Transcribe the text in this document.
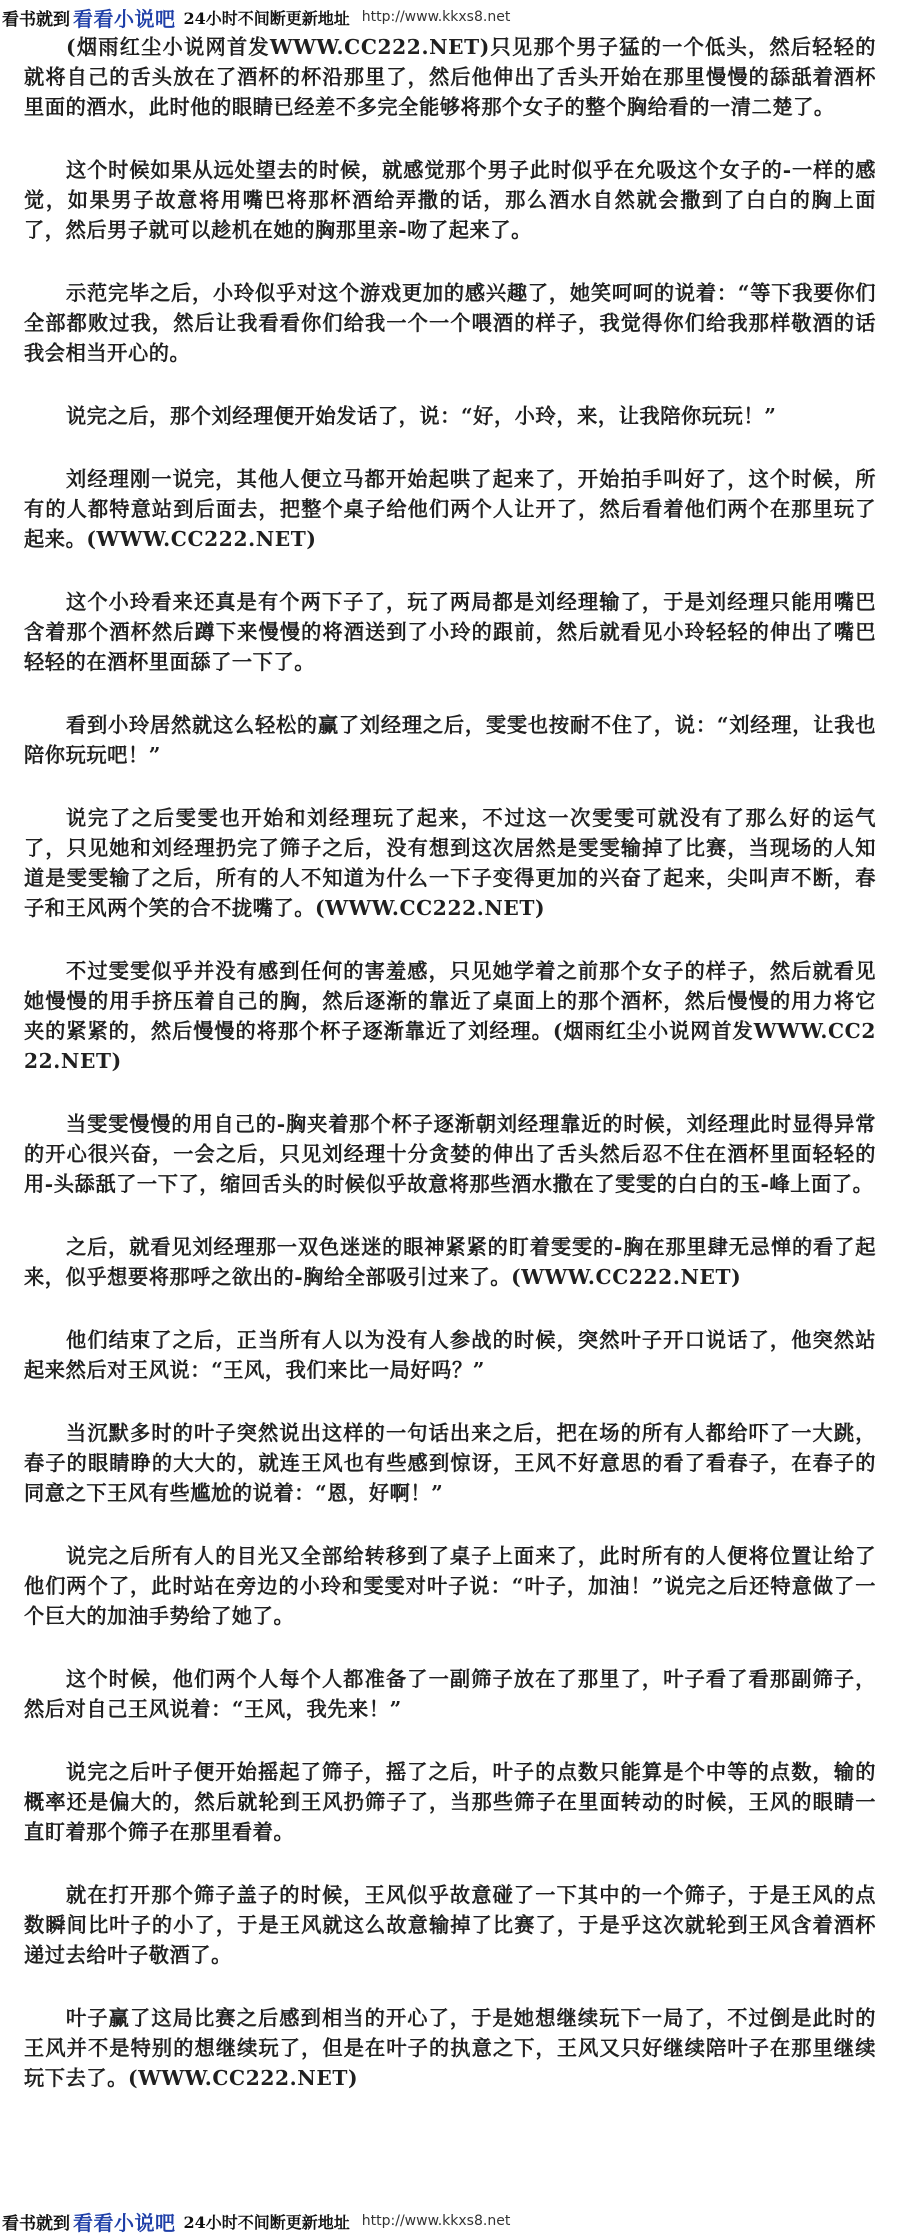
看书就到 看看小说吧 24小时不间断更新地址 http://www.kkxs8.net

(烟雨红尘小说网首发WWW.CC222.NET)只见那个男子猛的一个低头，然后轻轻的就将自己的舌头放在了酒杯的杯沿那里了，然后他伸出了舌头开始在那里慢慢的舔舐着酒杯里面的酒水，此时他的眼睛已经差不多完全能够将那个女子的整个胸给看的一清二楚了。

这个时候如果从远处望去的时候，就感觉那个男子此时似乎在允吸这个女子的-一样的感觉，如果男子故意将用嘴巴将那杯酒给弄撒的话，那么酒水自然就会撒到了白白的胸上面了，然后男子就可以趁机在她的胸那里亲-吻了起来了。

示范完毕之后，小玲似乎对这个游戏更加的感兴趣了，她笑呵呵的说着：“等下我要你们全部都败过我，然后让我看看你们给我一个一个喂酒的样子，我觉得你们给我那样敬酒的话我会相当开心的。

说完之后，那个刘经理便开始发话了，说：“好，小玲，来，让我陪你玩玩！”

刘经理刚一说完，其他人便立马都开始起哄了起来了，开始拍手叫好了，这个时候，所有的人都特意站到后面去，把整个桌子给他们两个人让开了，然后看着他们两个在那里玩了起来。(WWW.CC222.NET)

这个小玲看来还真是有个两下子了，玩了两局都是刘经理输了，于是刘经理只能用嘴巴含着那个酒杯然后蹲下来慢慢的将酒送到了小玲的跟前，然后就看见小玲轻轻的伸出了嘴巴轻轻的在酒杯里面舔了一下了。

看到小玲居然就这么轻松的赢了刘经理之后，雯雯也按耐不住了，说：“刘经理，让我也陪你玩玩吧！”

说完了之后雯雯也开始和刘经理玩了起来，不过这一次雯雯可就没有了那么好的运气了，只见她和刘经理扔完了筛子之后，没有想到这次居然是雯雯输掉了比赛，当现场的人知道是雯雯输了之后，所有的人不知道为什么一下子变得更加的兴奋了起来，尖叫声不断，春子和王风两个笑的合不拢嘴了。(WWW.CC222.NET)

不过雯雯似乎并没有感到任何的害羞感，只见她学着之前那个女子的样子，然后就看见她慢慢的用手挤压着自己的胸，然后逐渐的靠近了桌面上的那个酒杯，然后慢慢的用力将它夹的紧紧的，然后慢慢的将那个杯子逐渐靠近了刘经理。(烟雨红尘小说网首发WWW.CC222.NET)

当雯雯慢慢的用自己的-胸夹着那个杯子逐渐朝刘经理靠近的时候，刘经理此时显得异常的开心很兴奋，一会之后，只见刘经理十分贪婪的伸出了舌头然后忍不住在酒杯里面轻轻的用-头舔舐了一下了，缩回舌头的时候似乎故意将那些酒水撒在了雯雯的白白的玉-峰上面了。

之后，就看见刘经理那一双色迷迷的眼神紧紧的盯着雯雯的-胸在那里肆无忌惮的看了起来，似乎想要将那呼之欲出的-胸给全部吸引过来了。(WWW.CC222.NET)

他们结束了之后，正当所有人以为没有人参战的时候，突然叶子开口说话了，他突然站起来然后对王风说：“王风，我们来比一局好吗？”

当沉默多时的叶子突然说出这样的一句话出来之后，把在场的所有人都给吓了一大跳，春子的眼睛睁的大大的，就连王风也有些感到惊讶，王风不好意思的看了看春子，在春子的同意之下王风有些尴尬的说着：“恩，好啊！”

说完之后所有人的目光又全部给转移到了桌子上面来了，此时所有的人便将位置让给了他们两个了，此时站在旁边的小玲和雯雯对叶子说：“叶子，加油！”说完之后还特意做了一个巨大的加油手势给了她了。

这个时候，他们两个人每个人都准备了一副筛子放在了那里了，叶子看了看那副筛子，然后对自己王风说着：“王风，我先来！”

说完之后叶子便开始摇起了筛子，摇了之后，叶子的点数只能算是个中等的点数，输的概率还是偏大的，然后就轮到王风扔筛子了，当那些筛子在里面转动的时候，王风的眼睛一直盯着那个筛子在那里看着。

就在打开那个筛子盖子的时候，王风似乎故意碰了一下其中的一个筛子，于是王风的点数瞬间比叶子的小了，于是王风就这么故意输掉了比赛了，于是乎这次就轮到王风含着酒杯递过去给叶子敬酒了。

叶子赢了这局比赛之后感到相当的开心了，于是她想继续玩下一局了，不过倒是此时的王风并不是特别的想继续玩了，但是在叶子的执意之下，王风又只好继续陪叶子在那里继续玩下去了。(WWW.CC222.NET)

看书就到 看看小说吧 24小时不间断更新地址 http://www.kkxs8.net
